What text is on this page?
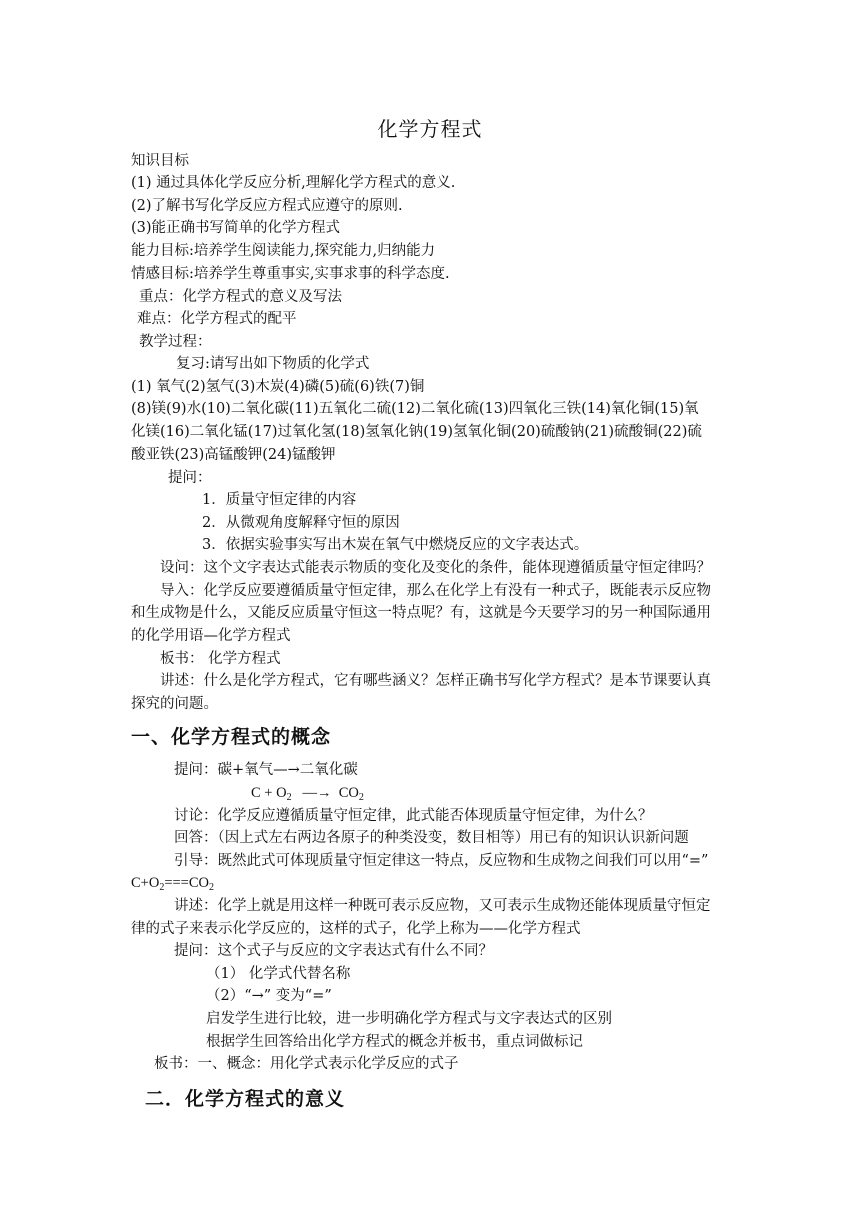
化学方程式
知识目标
(1) 通过具体化学反应分析,理解化学方程式的意义.
(2)了解书写化学反应方程式应遵守的原则.
(3)能正确书写简单的化学方程式
能力目标:培养学生阅读能力,探究能力,归纳能力
情感目标:培养学生尊重事实,实事求事的科学态度.
重点：化学方程式的意义及写法
难点：化学方程式的配平
教学过程：
复习:请写出如下物质的化学式
(1) 氧气(2)氢气(3)木炭(4)磷(5)硫(6)铁(7)铜
(8)镁(9)水(10)二氧化碳(11)五氧化二硫(12)二氧化硫(13)四氧化三铁(14)氧化铜(15)氧
化镁(16)二氧化锰(17)过氧化氢(18)氢氧化钠(19)氢氧化铜(20)硫酸钠(21)硫酸铜(22)硫
酸亚铁(23)高锰酸钾(24)锰酸钾
提问：
1．质量守恒定律的内容
2．从微观角度解释守恒的原因
3．依据实验事实写出木炭在氧气中燃烧反应的文字表达式。
设问：这个文字表达式能表示物质的变化及变化的条件，能体现遵循质量守恒定律吗？
导入：化学反应要遵循质量守恒定律，那么在化学上有没有一种式子，既能表示反应物
和生成物是什么，又能反应质量守恒这一特点呢？有，这就是今天要学习的另一种国际通用
的化学用语—化学方程式
板书： 化学方程式
讲述：什么是化学方程式，它有哪些涵义？怎样正确书写化学方程式？是本节课要认真
探究的问题。
一、化学方程式的概念
提问：碳+氧气—→二氧化碳
$C + O_2$ —→ $CO_2$
讨论：化学反应遵循质量守恒定律，此式能否体现质量守恒定律，为什么？
回答：（因上式左右两边各原子的种类没变，数目相等）用已有的知识认识新问题
引导：既然此式可体现质量守恒定律这一特点，反应物和生成物之间我们可以用“=”
$C+O_2===CO_2$
讲述：化学上就是用这样一种既可表示反应物，又可表示生成物还能体现质量守恒定
律的式子来表示化学反应的，这样的式子，化学上称为——化学方程式
提问：这个式子与反应的文字表达式有什么不同？
（1） 化学式代替名称
（2）“→” 变为“=”
启发学生进行比较，进一步明确化学方程式与文字表达式的区别
根据学生回答给出化学方程式的概念并板书，重点词做标记
板书：一、概念：用化学式表示化学反应的式子
二．化学方程式的意义
